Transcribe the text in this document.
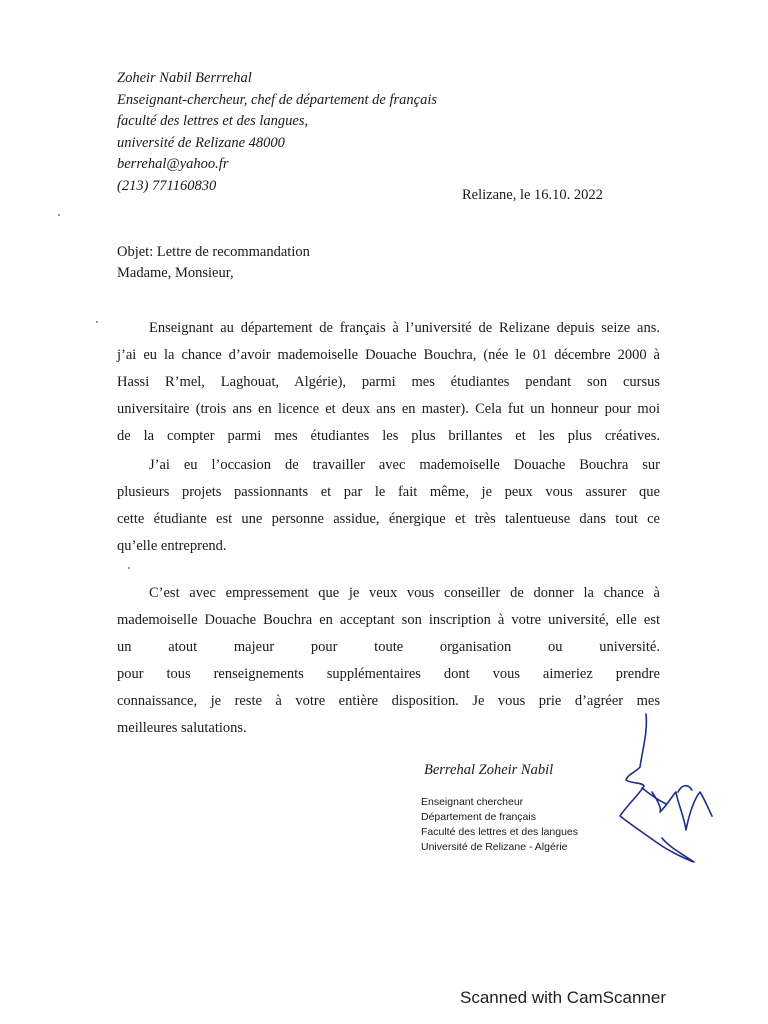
Zoheir Nabil Berrrehal
Enseignant-chercheur, chef de département de français
faculté des lettres et des langues,
université de Relizane 48000
berrehal@yahoo.fr
(213) 771160830
Relizane, le 16.10. 2022
Objet: Lettre de recommandation
Madame, Monsieur,
Enseignant au département de français à l’université de Relizane depuis seize ans.
j’ai eu la chance d’avoir mademoiselle Douache Bouchra, (née le 01 décembre 2000 à
Hassi R’mel, Laghouat, Algérie), parmi mes étudiantes pendant son cursus
universitaire (trois ans en licence et deux ans en master). Cela fut un honneur pour moi
de la compter parmi mes étudiantes les plus brillantes et les plus créatives.
J’ai eu l’occasion de travailler avec mademoiselle Douache Bouchra sur
plusieurs projets passionnants et par le fait même, je peux vous assurer que
cette étudiante est une personne assidue, énergique et très talentueuse dans tout ce
qu’elle entreprend.
C’est avec empressement que je veux vous conseiller de donner la chance à
mademoiselle Douache Bouchra en acceptant son inscription à votre université, elle est
un atout majeur pour toute organisation ou université.
pour tous renseignements supplémentaires dont vous aimeriez prendre
connaissance, je reste à votre entière disposition. Je vous prie d’agréer mes
meilleures salutations.
Berrehal Zoheir Nabil
Enseignant chercheur
Département de français
Faculté des lettres et des langues
Université de Relizane - Algérie
Scanned with CamScanner
